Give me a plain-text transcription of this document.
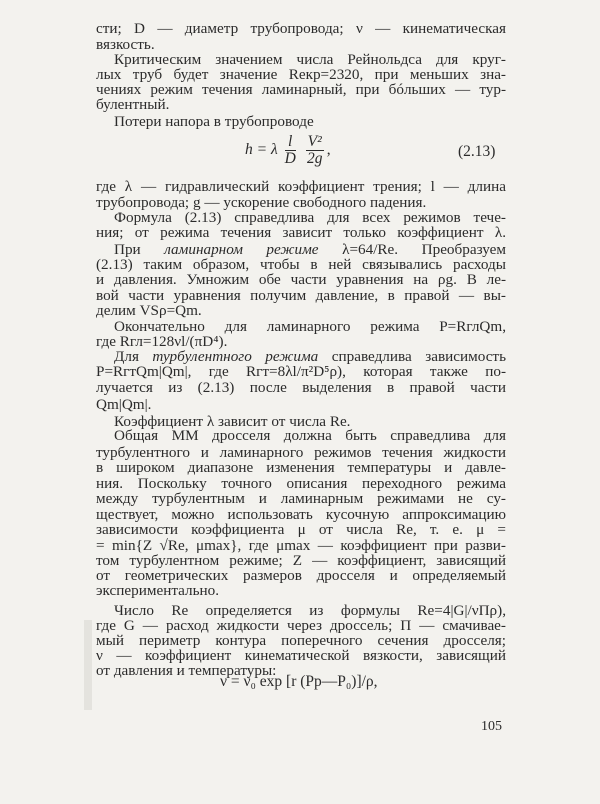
сти; D — диаметр трубопровода; ν — кинематическая
вязкость.
Критическим значением числа Рейнольдса для круг-
лых труб будет значение Reкр=2320, при меньших зна-
чениях режим течения ламинарный, при бóльших — тур-
булентный.
Потери напора в трубопроводе
h = λ $\frac{l}{D}$
$\frac{\text{V²}}{2g}$ ,	(2.13)
где λ — гидравлический коэффициент трения; l — длина
трубопровода; g — ускорение свободного падения.
Формула (2.13) справедлива для всех режимов тече-
ния; от режима течения зависит только коэффициент λ.
При ламинарном режиме λ=64/Re. Преобразуем
(2.13) таким образом, чтобы в ней связывались расходы
и давления. Умножим обе части уравнения на ρg. В ле-
вой части уравнения получим давление, в правой — вы-
делим VSρ=Qm.
Окончательно для ламинарного режима P=RглQm,
где Rгл=128νl/(πD⁴).
Для турбулентного режима справедлива зависимость
P=RгтQm|Qm|, где Rгт=8λl/π²D⁵ρ), которая также по-
лучается из (2.13) после выделения в правой части
Qm|Qm|.
Коэффициент λ зависит от числа Re.
Общая ММ дросселя должна быть справедлива для
турбулентного и ламинарного режимов течения жидкости
в широком диапазоне изменения температуры и давле-
ния. Поскольку точного описания переходного режима
между турбулентным и ламинарным режимами не су-
ществует, можно использовать кусочную аппроксимацию
зависимости коэффициента μ от числа Re, т. е. μ =
= min{Z √Re, μmax}, где μmax — коэффициент при разви-
том турбулентном режиме; Z — коэффициент, зависящий
от геометрических размеров дросселя и определяемый
экспериментально.
Число Re определяется из формулы Re=4|G|/νПρ),
где G — расход жидкости через дроссель; П — смачивае-
мый периметр контура поперечного сечения дросселя;
ν — коэффициент кинематической вязкости, зависящий
от давления и температуры:
ν = ν₀ exp [r (Pр—P₀)]/ρ,
105
